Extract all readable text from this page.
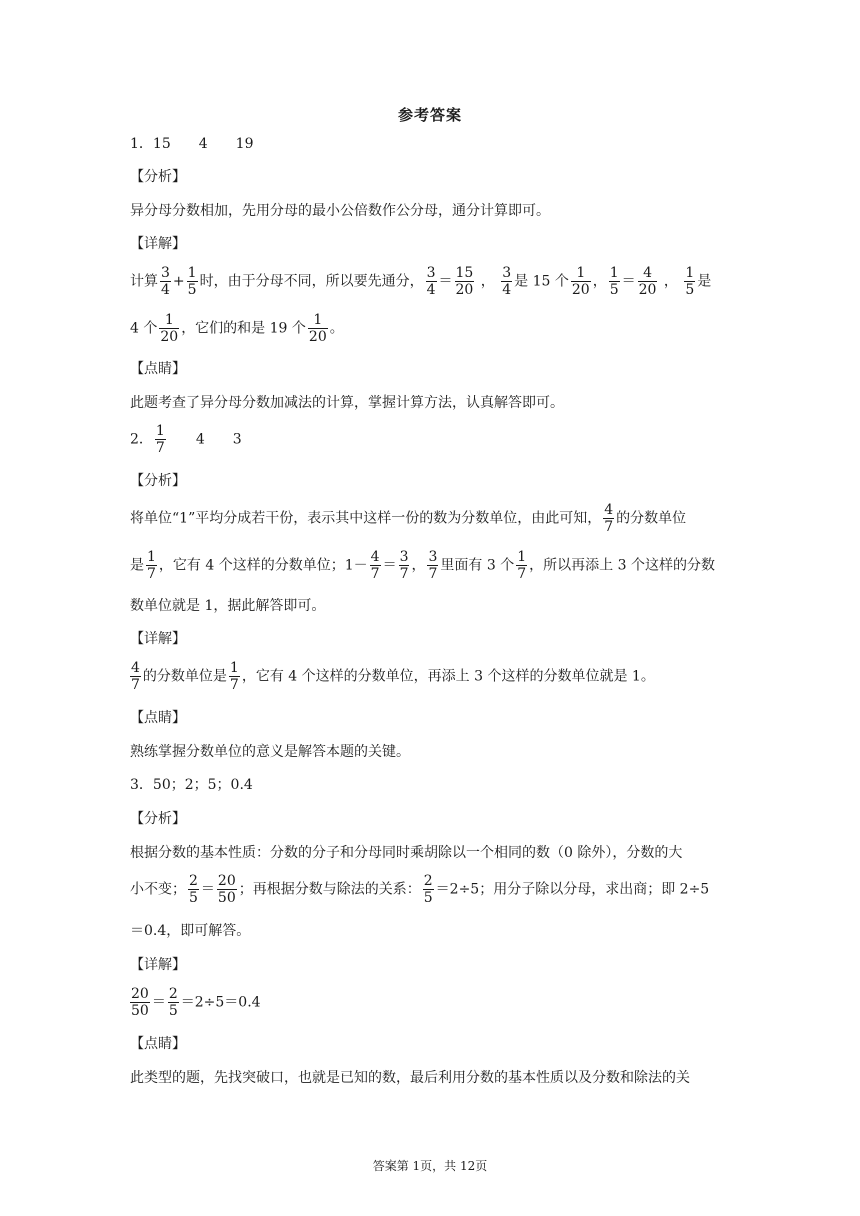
参考答案
1．15 4 19
【分析】
异分母分数相加，先用分母的最小公倍数作公分母，通分计算即可。
【详解】
计算 $\frac{3}{4} + \frac{1}{5}$ 时，由于分母不同，所以要先通分， $\frac{3}{4} = \frac{15}{20}$ ， $\frac{3}{4}$ 是 15 个 $\frac{1}{20}$ ， $\frac{1}{5} = \frac{4}{20}$ ， $\frac{1}{5}$ 是
4 个 $\frac{1}{20}$ ，它们的和是 19 个 $\frac{1}{20}$ 。
【点睛】
此题考查了异分母分数加减法的计算，掌握计算方法，认真解答即可。
2． $\frac{1}{7} 4$ 3
【分析】
将单位“1”平均分成若干份，表示其中这样一份的数为分数单位，由此可知， $\frac{4}{7}$ 的分数单位
是 $\frac{1}{7}$ ，它有 4 个这样的分数单位；$1- \frac{4}{7} = \frac{3}{7}$ ， $\frac{3}{7}$ 里面有 3 个 $\frac{1}{7}$ ，所以再添上 3 个这样的分数
数单位就是 1，据此解答即可。
【详解】
$\frac{4}{7}$ 的分数单位是 $\frac{1}{7}$ ，它有 4 个这样的分数单位，再添上 3 个这样的分数单位就是 1。
【点睛】
熟练掌握分数单位的意义是解答本题的关键。
3．50；2；5；0.4
【分析】
根据分数的基本性质：分数的分子和分母同时乘胡除以一个相同的数（0 除外），分数的大
小不变； $\frac{2}{5} = \frac{20}{50}$ ；再根据分数与除法的关系： $\frac{2}{5} =2\div 5$；用分子除以分母，求出商；即 2÷5
＝0.4，即可解答。
【详解】
$\frac{20}{50} = \frac{2}{5} =2\div 5=0.4$
【点睛】
此类型的题，先找突破口，也就是已知的数，最后利用分数的基本性质以及分数和除法的关
答案第 1页，共 12页
